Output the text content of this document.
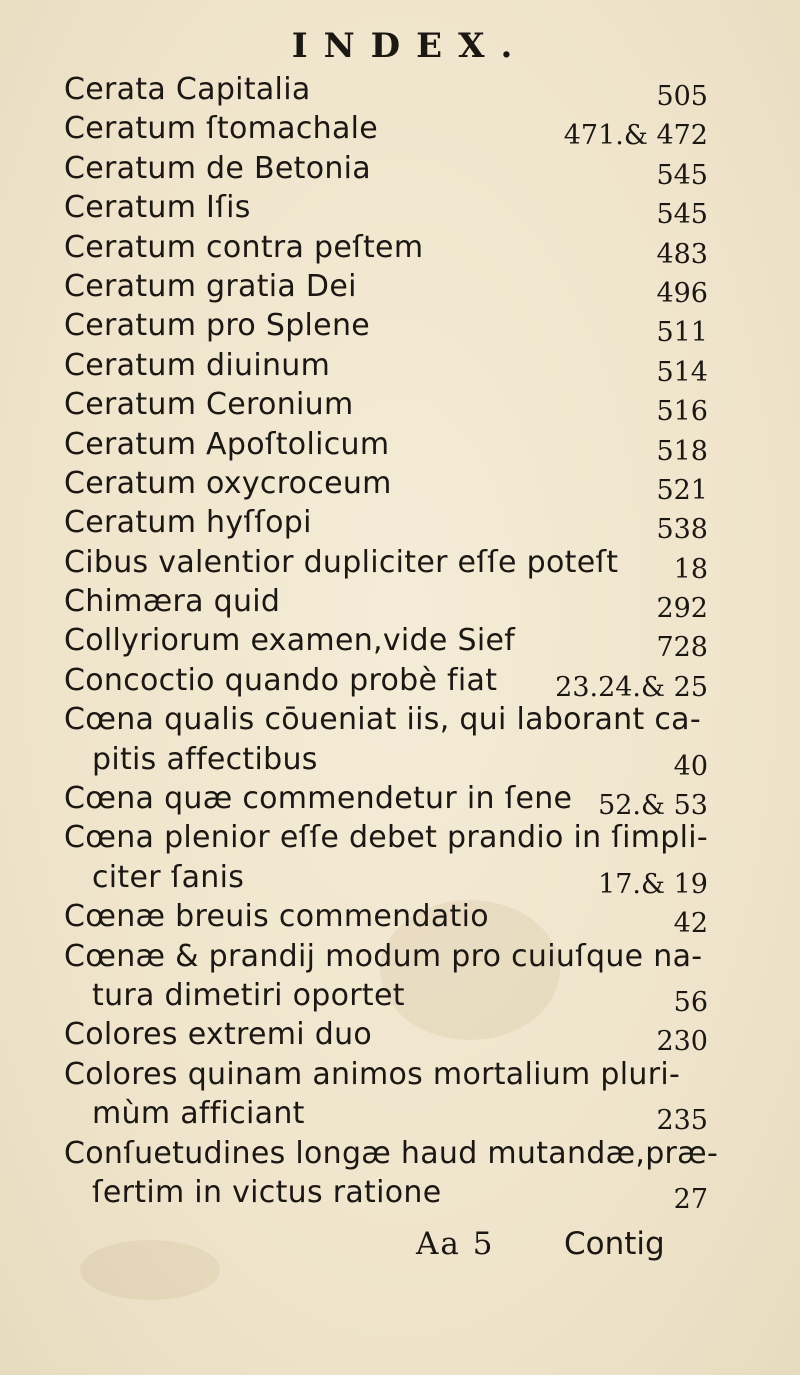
INDEX.
Cerata Capitalia	505
Ceratum ſtomachale	471.& 472
Ceratum de Betonia	545
Ceratum Iſis	545
Ceratum contra peſtem	483
Ceratum gratia Dei	496
Ceratum pro Splene	511
Ceratum diuinum	514
Ceratum Ceronium	516
Ceratum Apoſtolicum	518
Ceratum oxycroceum	521
Ceratum hyſſopi	538
Cibus valentior dupliciter eſſe poteſt 18
Chimæra quid	292
Collyriorum examen,vide Sief	728
Concoctio quando probè fiat 23.24.& 25
Cœna qualis cōueniat iis, qui laborant ca-
pitis affectibus	40
Cœna quæ commendetur in ſene 52.& 53
Cœna plenior eſſe debet prandio in ſimpli-
citer ſanis	17.& 19
Cœnæ breuis commendatio	42
Cœnæ & prandij modum pro cuiuſque na-
tura dimetiri oportet	56
Colores extremi duo	230
Colores quinam animos mortalium pluri-
mùm afficiant	235
Conſuetudines longæ haud mutandæ,præ-
ſertim in victus ratione	27
Aa 5 Contig
